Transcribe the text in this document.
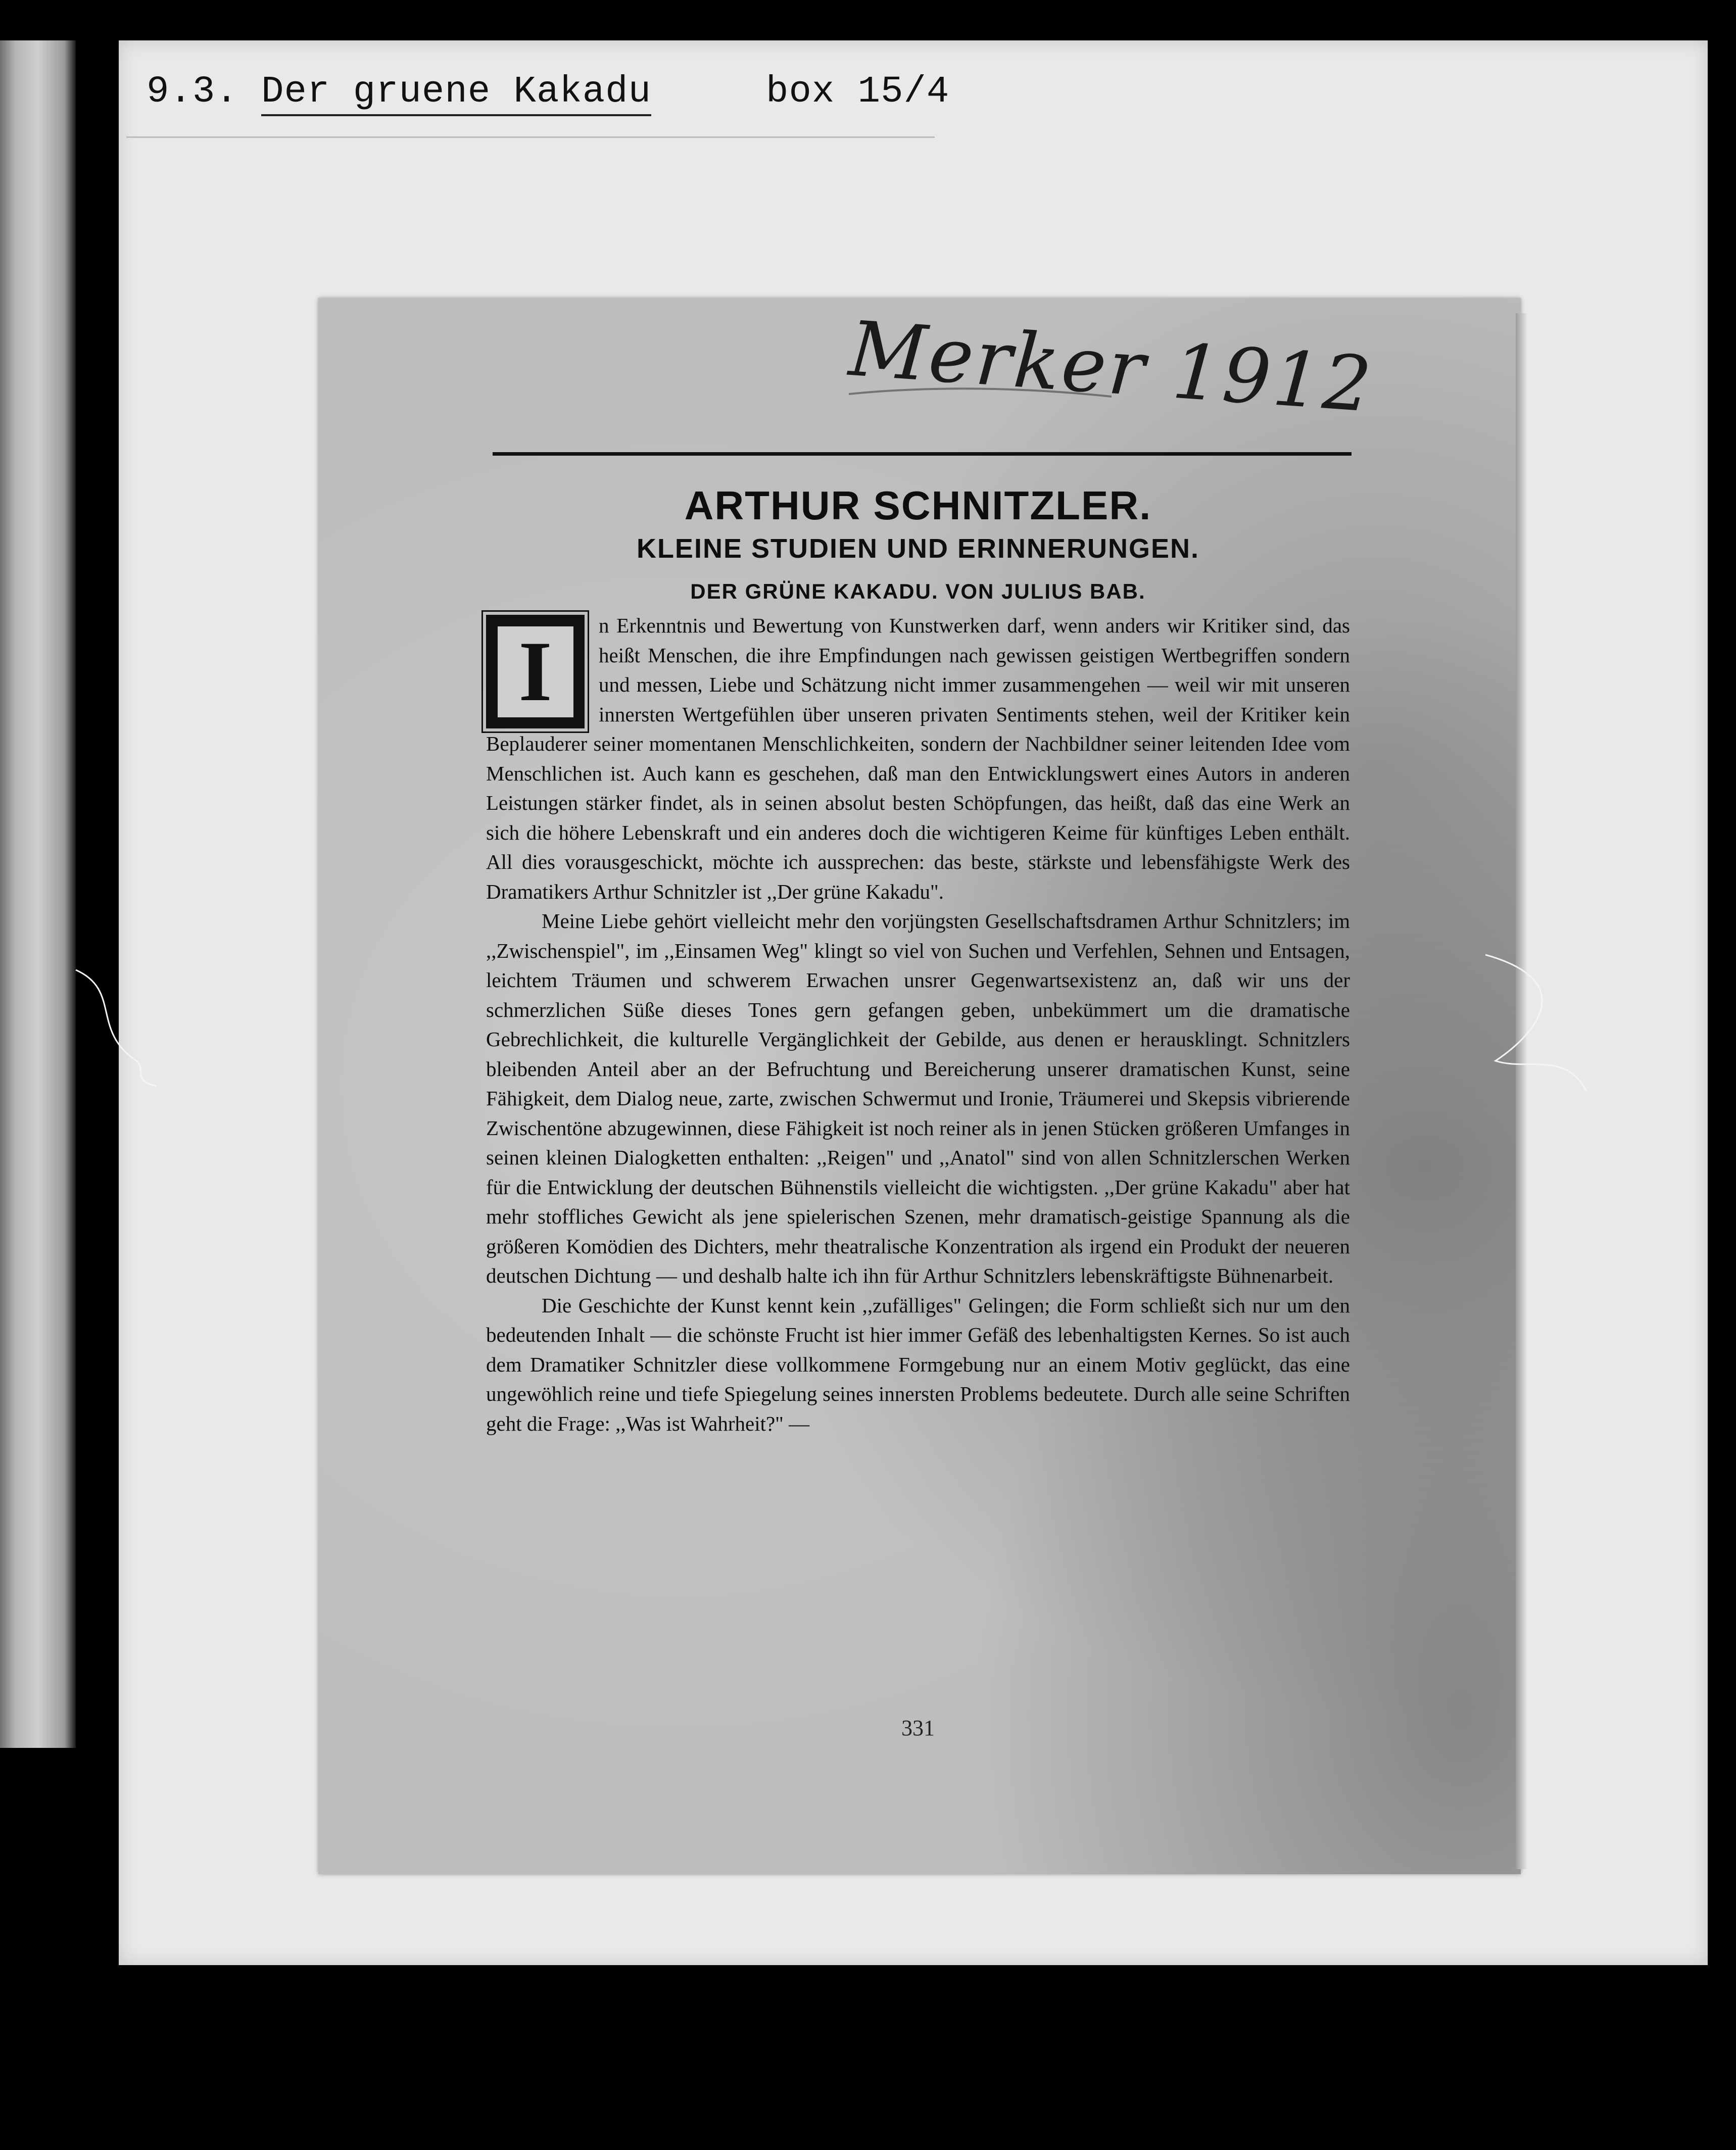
9.3. Der gruene Kakadu	box 15/4
Merker 1912
ARTHUR SCHNITZLER.
KLEINE STUDIEN UND ERINNERUNGEN.
DER GRÜNE KAKADU. VON JULIUS BAB.
I	n Erkenntnis und Bewertung von Kunstwerken darf, wenn anders wir Kritiker sind, das heißt Menschen, die ihre Empfindungen nach gewissen geistigen Wertbegriffen sondern und messen, Liebe und Schätzung nicht immer zusammengehen — weil wir mit unseren innersten Wertgefühlen über unseren privaten Sentiments stehen, weil der Kritiker kein Beplauderer seiner momentanen Menschlichkeiten, sondern der Nachbildner seiner leitenden Idee vom Menschlichen ist. Auch kann es geschehen, daß man den Entwicklungswert eines Autors in anderen Leistungen stärker findet, als in seinen absolut besten Schöpfungen, das heißt, daß das eine Werk an sich die höhere Lebenskraft und ein anderes doch die wichtigeren Keime für künftiges Leben enthält. All dies vorausgeschickt, möchte ich aussprechen: das beste, stärkste und lebensfähigste Werk des Dramatikers Arthur Schnitzler ist ,,Der grüne Kakadu".

Meine Liebe gehört vielleicht mehr den vorjüngsten Gesellschaftsdramen Arthur Schnitzlers; im ,,Zwischenspiel", im ,,Einsamen Weg" klingt so viel von Suchen und Verfehlen, Sehnen und Entsagen, leichtem Träumen und schwerem Erwachen unsrer Gegenwartsexistenz an, daß wir uns der schmerzlichen Süße dieses Tones gern gefangen geben, unbekümmert um die dramatische Gebrechlichkeit, die kulturelle Vergänglichkeit der Gebilde, aus denen er herausklingt. Schnitzlers bleibenden Anteil aber an der Befruchtung und Bereicherung unserer dramatischen Kunst, seine Fähigkeit, dem Dialog neue, zarte, zwischen Schwermut und Ironie, Träumerei und Skepsis vibrierende Zwischentöne abzugewinnen, diese Fähigkeit ist noch reiner als in jenen Stücken größeren Umfanges in seinen kleinen Dialogketten enthalten: ,,Reigen" und ,,Anatol" sind von allen Schnitzlerschen Werken für die Entwicklung der deutschen Bühnenstils vielleicht die wichtigsten. ,,Der grüne Kakadu" aber hat mehr stoffliches Gewicht als jene spielerischen Szenen, mehr dramatisch-geistige Spannung als die größeren Komödien des Dichters, mehr theatralische Konzentration als irgend ein Produkt der neueren deutschen Dichtung — und deshalb halte ich ihn für Arthur Schnitzlers lebenskräftigste Bühnenarbeit.

Die Geschichte der Kunst kennt kein ,,zufälliges" Gelingen; die Form schließt sich nur um den bedeutenden Inhalt — die schönste Frucht ist hier immer Gefäß des lebenhaltigsten Kernes. So ist auch dem Dramatiker Schnitzler diese vollkommene Formgebung nur an einem Motiv geglückt, das eine ungewöhlich reine und tiefe Spiegelung seines innersten Problems bedeutete. Durch alle seine Schriften geht die Frage: ,,Was ist Wahrheit?" —

331
